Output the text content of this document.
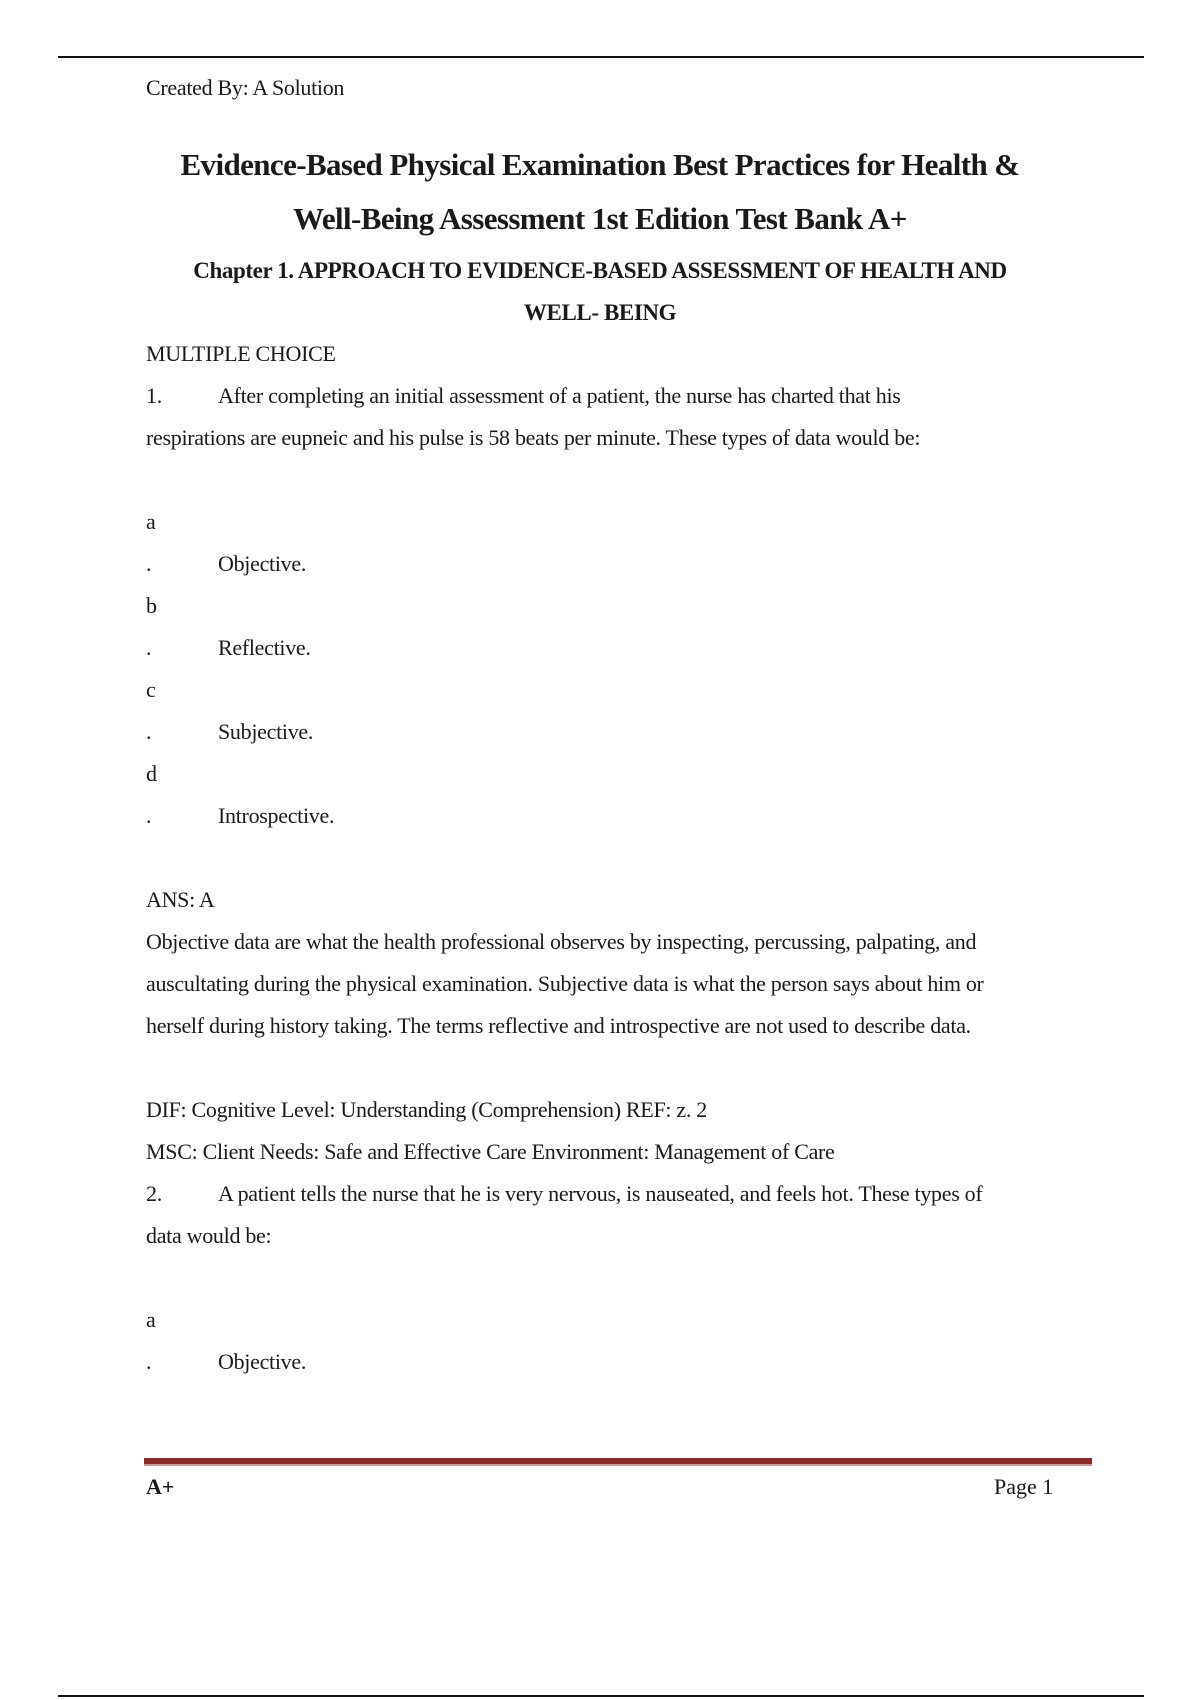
Created By: A Solution
Evidence-Based Physical Examination Best Practices for Health &
Well-Being Assessment 1st Edition Test Bank A+
Chapter 1. APPROACH TO EVIDENCE-BASED ASSESSMENT OF HEALTH AND
WELL- BEING
MULTIPLE CHOICE
1.	After completing an initial assessment of a patient, the nurse has charted that his
respirations are eupneic and his pulse is 58 beats per minute. These types of data would be:
a
.	Objective.
b
.	Reflective.
c
.	Subjective.
d
.	Introspective.
ANS: A
Objective data are what the health professional observes by inspecting, percussing, palpating, and
auscultating during the physical examination. Subjective data is what the person says about him or
herself during history taking. The terms reflective and introspective are not used to describe data.
DIF: Cognitive Level: Understanding (Comprehension) REF: z. 2
MSC: Client Needs: Safe and Effective Care Environment: Management of Care
2.	A patient tells the nurse that he is very nervous, is nauseated, and feels hot. These types of
data would be:
a
.	Objective.
A+	Page 1
